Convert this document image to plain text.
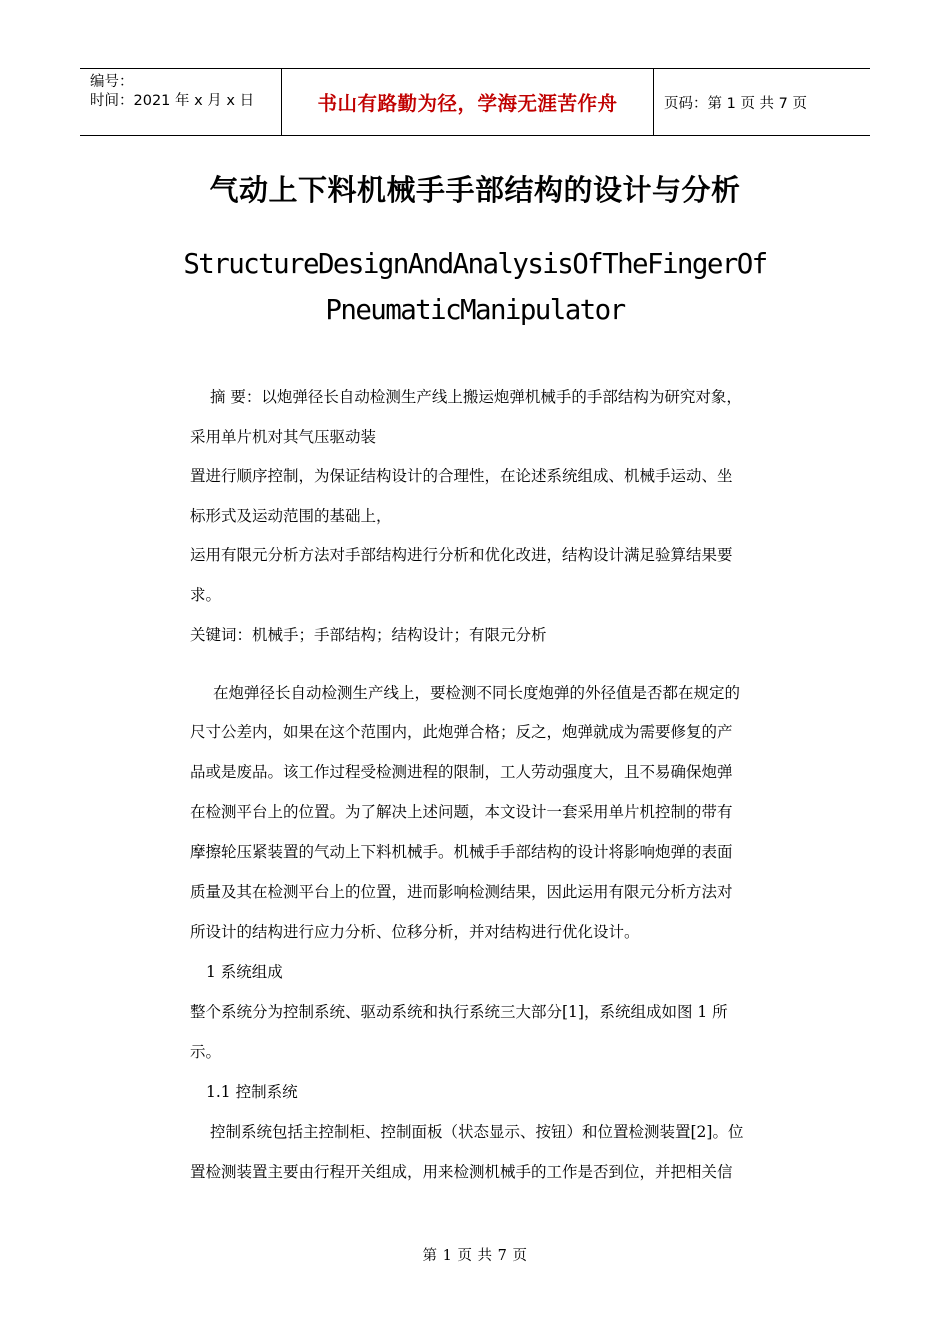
编号：
时间：2021 年 x 月 x 日	书山有路勤为径，学海无涯苦作舟	页码：第 1 页 共 7 页
气动上下料机械手手部结构的设计与分析
StructureDesignAndAnalysisOfTheFingerOf
PneumaticManipulator
摘 要：以炮弹径长自动检测生产线上搬运炮弹机械手的手部结构为研究对象，
采用单片机对其气压驱动装
置进行顺序控制，为保证结构设计的合理性，在论述系统组成、机械手运动、坐
标形式及运动范围的基础上，
运用有限元分析方法对手部结构进行分析和优化改进，结构设计满足验算结果要
求。
关键词：机械手；手部结构；结构设计；有限元分析
在炮弹径长自动检测生产线上，要检测不同长度炮弹的外径值是否都在规定的
尺寸公差内，如果在这个范围内，此炮弹合格；反之，炮弹就成为需要修复的产
品或是废品。该工作过程受检测进程的限制，工人劳动强度大，且不易确保炮弹
在检测平台上的位置。为了解决上述问题，本文设计一套采用单片机控制的带有
摩擦轮压紧装置的气动上下料机械手。机械手手部结构的设计将影响炮弹的表面
质量及其在检测平台上的位置，进而影响检测结果，因此运用有限元分析方法对
所设计的结构进行应力分析、位移分析，并对结构进行优化设计。
1 系统组成
整个系统分为控制系统、驱动系统和执行系统三大部分[1]，系统组成如图 1 所
示。
1.1 控制系统
控制系统包括主控制柜、控制面板（状态显示、按钮）和位置检测装置[2]。位
置检测装置主要由行程开关组成，用来检测机械手的工作是否到位，并把相关信
第 1 页 共 7 页
